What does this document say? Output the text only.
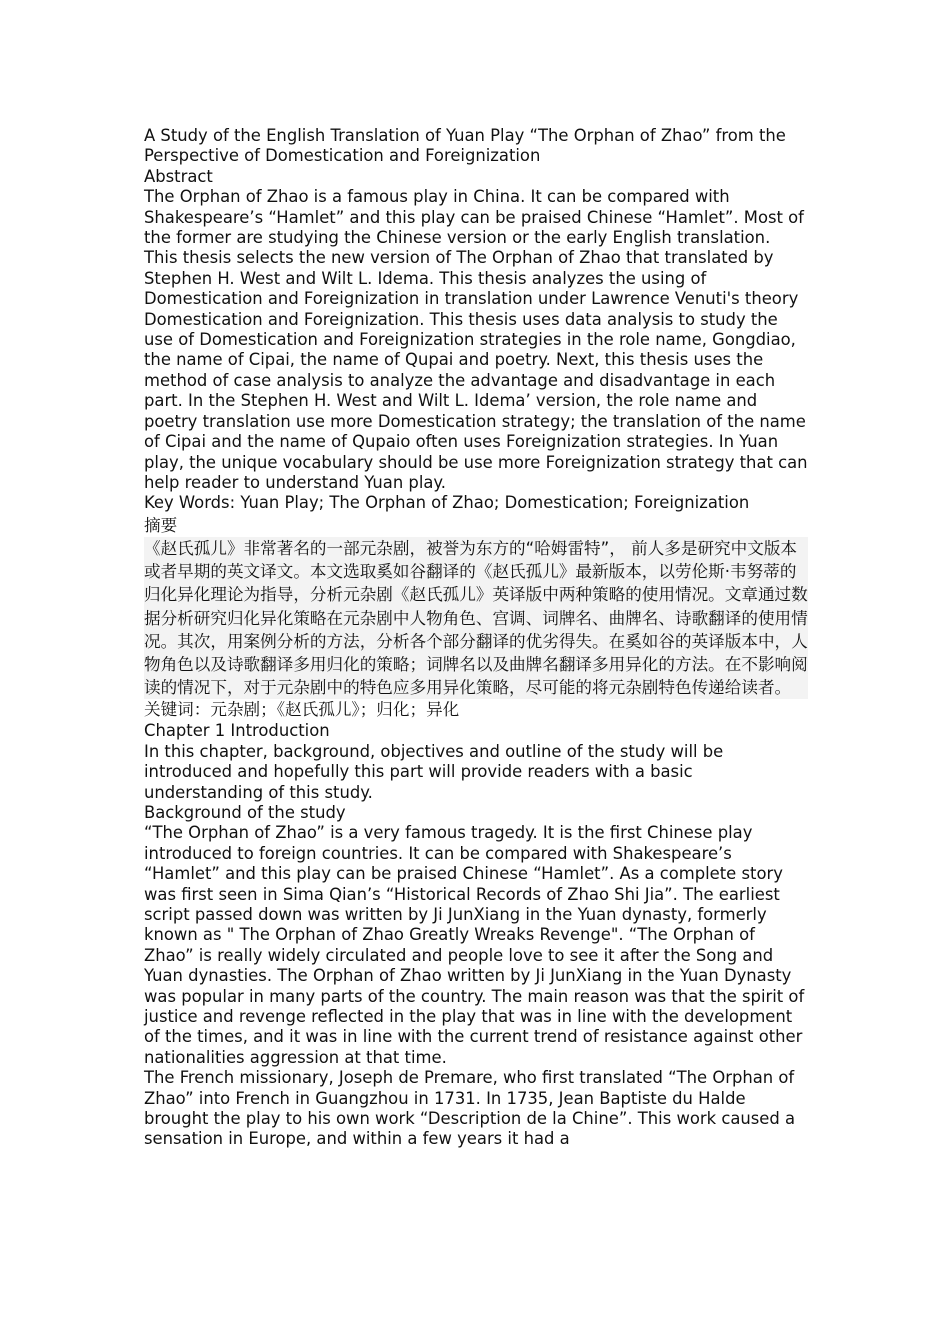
A Study of the English Translation of Yuan Play “The Orphan of Zhao” from the Perspective of Domestication and Foreignization

Abstract

The Orphan of Zhao is a famous play in China. It can be compared with Shakespeare’s “Hamlet” and this play can be praised Chinese “Hamlet”. Most of the former are studying the Chinese version or the early English translation. This thesis selects the new version of The Orphan of Zhao that translated by Stephen H. West and Wilt L. Idema. This thesis analyzes the using of Domestication and Foreignization in translation under Lawrence Venuti's theory Domestication and Foreignization. This thesis uses data analysis to study the use of Domestication and Foreignization strategies in the role name, Gongdiao, the name of Cipai, the name of Qupai and poetry. Next, this thesis uses the method of case analysis to analyze the advantage and disadvantage in each part. In the Stephen H. West and Wilt L. Idema’ version, the role name and poetry translation use more Domestication strategy; the translation of the name of Cipai and the name of Qupaio often uses Foreignization strategies. In Yuan play, the unique vocabulary should be use more Foreignization strategy that can help reader to understand Yuan play.

Key Words: Yuan Play; The Orphan of Zhao; Domestication; Foreignization

摘要

《赵氏孤儿》非常著名的一部元杂剧，被誉为东方的“哈姆雷特”， 前人多是研究中文版本或者早期的英文译文。本文选取奚如谷翻译的《赵氏孤儿》最新版本，以劳伦斯·韦努蒂的归化异化理论为指导，分析元杂剧《赵氏孤儿》英译版中两种策略的使用情况。文章通过数据分析研究归化异化策略在元杂剧中人物角色、宫调、词牌名、曲牌名、诗歌翻译的使用情况。其次，用案例分析的方法，分析各个部分翻译的优劣得失。在奚如谷的英译版本中，人物角色以及诗歌翻译多用归化的策略；词牌名以及曲牌名翻译多用异化的方法。在不影响阅读的情况下，对于元杂剧中的特色应多用异化策略，尽可能的将元杂剧特色传递给读者。

关键词：元杂剧；《赵氏孤儿》；归化；异化

Chapter 1 Introduction

In this chapter, background, objectives and outline of the study will be introduced and hopefully this part will provide readers with a basic understanding of this study.

Background of the study

“The Orphan of Zhao” is a very famous tragedy. It is the first Chinese play introduced to foreign countries. It can be compared with Shakespeare’s “Hamlet” and this play can be praised Chinese “Hamlet”. As a complete story was first seen in Sima Qian’s “Historical Records of Zhao Shi Jia”. The earliest script passed down was written by Ji JunXiang in the Yuan dynasty, formerly known as " The Orphan of Zhao Greatly Wreaks Revenge". “The Orphan of Zhao” is really widely circulated and people love to see it after the Song and Yuan dynasties. The Orphan of Zhao written by Ji JunXiang in the Yuan Dynasty was popular in many parts of the country. The main reason was that the spirit of justice and revenge reflected in the play that was in line with the development of the times, and it was in line with the current trend of resistance against other nationalities aggression at that time.

The French missionary, Joseph de Premare, who first translated “The Orphan of Zhao” into French in Guangzhou in 1731. In 1735, Jean Baptiste du Halde brought the play to his own work “Description de la Chine”. This work caused a sensation in Europe, and within a few years it had a
